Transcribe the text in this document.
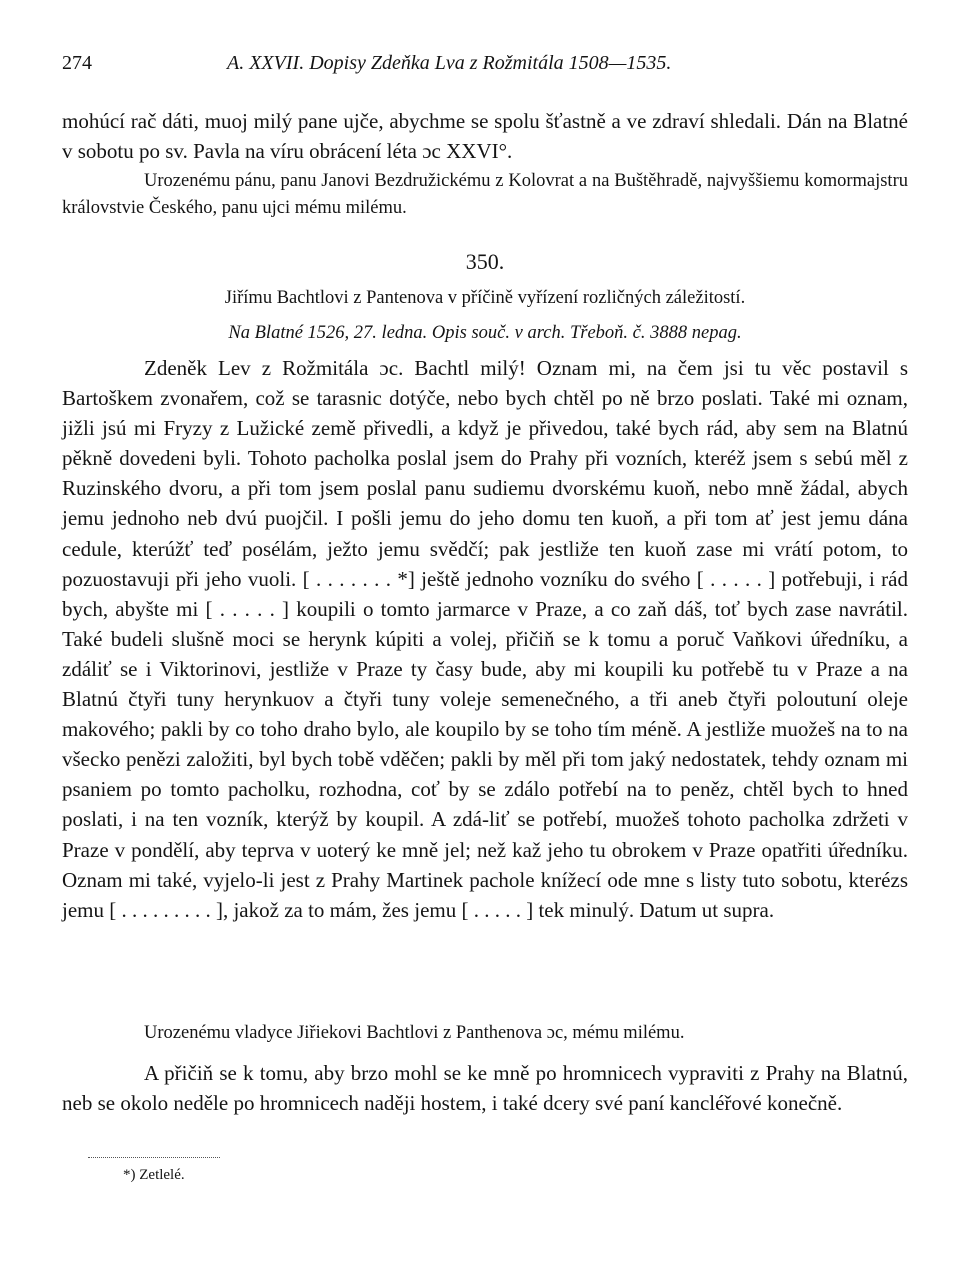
274	A. XXVII. Dopisy Zdeňka Lva z Rožmitála 1508—1535.
mohúcí rač dáti, muoj milý pane ujče, abychme se spolu šťastně a ve zdraví shledali. Dán na Blatné v sobotu po sv. Pavla na víru obrácení léta ɔc XXVI°.
Urozenému pánu, panu Janovi Bezdružickému z Kolovrat a na Buštěhradě, najvyššiemu komormajstru královstvie Českého, panu ujci mému milému.
350.
Jiřímu Bachtlovi z Pantenova v příčině vyřízení rozličných záležitostí.
Na Blatné 1526, 27. ledna. Opis souč. v arch. Třeboň. č. 3888 nepag.
Zdeněk Lev z Rožmitála ɔc. Bachtl milý! Oznam mi, na čem jsi tu věc postavil s Bartoškem zvonařem, což se tarasnic dotýče, nebo bych chtěl po ně brzo poslati. Také mi oznam, jižli jsú mi Fryzy z Lužické země přivedli, a když je přivedou, také bych rád, aby sem na Blatnú pěkně dovedeni byli. Tohoto pacholka poslal jsem do Prahy při vozních, kteréž jsem s sebú měl z Ruzinského dvoru, a při tom jsem poslal panu sudiemu dvorskému kuoň, nebo mně žádal, abych jemu jednoho neb dvú puojčil. I pošli jemu do jeho domu ten kuoň, a při tom ať jest jemu dána cedule, kterúžť teď posélám, ježto jemu svědčí; pak jestliže ten kuoň zase mi vrátí potom, to pozuostavuji při jeho vuoli. [ . . . . . . . *] ještě jednoho vozníku do svého [ . . . . . ] potřebuji, i rád bych, abyšte mi [ . . . . . ] koupili o tomto jarmarce v Praze, a co zaň dáš, toť bych zase navrátil. Také budeli slušně moci se herynk kúpiti a volej, přičiň se k tomu a poruč Vaňkovi úředníku, a zdáliť se i Viktorinovi, jestliže v Praze ty časy bude, aby mi koupili ku potřebě tu v Praze a na Blatnú čtyři tuny herynkuov a čtyři tuny voleje semenečného, a tři aneb čtyři poloutuní oleje makového; pakli by co toho draho bylo, ale koupilo by se toho tím méně. A jestliže muožeš na to na všecko penězi založiti, byl bych tobě vděčen; pakli by měl při tom jaký nedostatek, tehdy oznam mi psaniem po tomto pacholku, rozhodna, coť by se zdálo potřebí na to peněz, chtěl bych to hned poslati, i na ten vozník, kterýž by koupil. A zdá-liť se potřebí, muožeš tohoto pacholka zdržeti v Praze v pondělí, aby teprva v uoterý ke mně jel; než kaž jeho tu obrokem v Praze opatřiti úředníku. Oznam mi také, vyjelo-li jest z Prahy Martinek pachole knížecí ode mne s listy tuto sobotu, kterézs jemu [ . . . . . . . . . ], jakož za to mám, žes jemu [ . . . . . ] tek minulý. Datum ut supra.
Urozenému vladyce Jiřiekovi Bachtlovi z Panthenova ɔc, mému milému.
A přičiň se k tomu, aby brzo mohl se ke mně po hromnicech vypraviti z Prahy na Blatnú, neb se okolo neděle po hromnicech naději hostem, i také dcery své paní kancléřové konečně.
*) Zetlelé.
